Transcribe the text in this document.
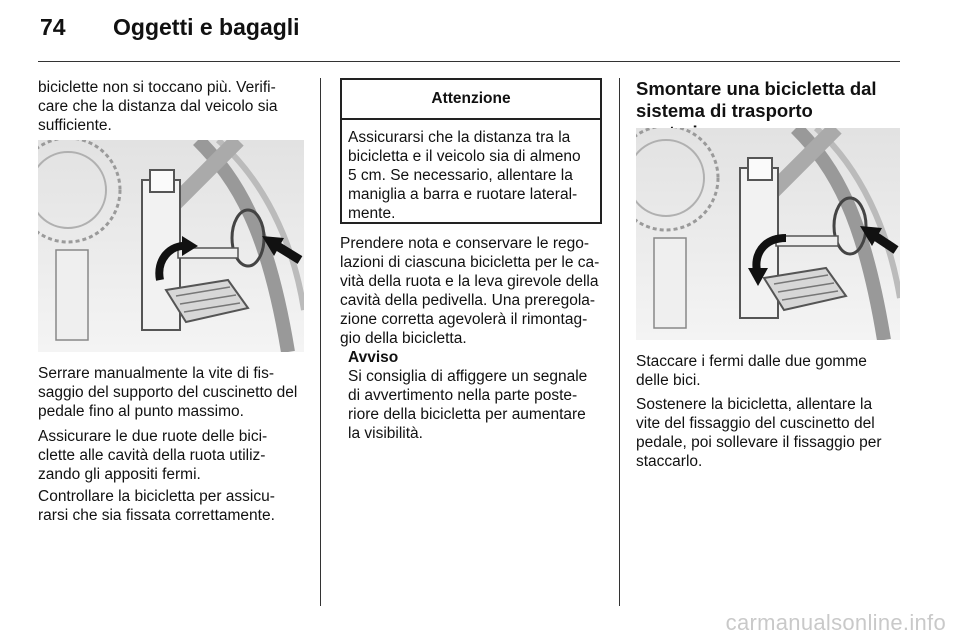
74 Oggetti e bagagli

biciclette non si toccano più. Verifi-
care che la distanza dal veicolo sia
sufficiente.

Serrare manualmente la vite di fis-
saggio del supporto del cuscinetto del
pedale fino al punto massimo.

Assicurare le due ruote delle bici-
clette alle cavità della ruota utiliz-
zando gli appositi fermi.

Controllare la bicicletta per assicu-
rarsi che sia fissata correttamente.

Attenzione
Assicurarsi che la distanza tra la
bicicletta e il veicolo sia di almeno
5 cm. Se necessario, allentare la
maniglia a barra e ruotare lateral-
mente.

Prendere nota e conservare le rego-
lazioni di ciascuna bicicletta per le ca-
vità della ruota e la leva girevole della
cavità della pedivella. Una preregola-
zione corretta agevolerà il rimontag-
gio della bicicletta.

Avviso
Si consiglia di affiggere un segnale
di avvertimento nella parte poste-
riore della bicicletta per aumentare
la visibilità.

Smontare una bicicletta dal
sistema di trasporto

Staccare i fermi dalle due gomme
delle bici.

Sostenere la bicicletta, allentare la
vite del fissaggio del cuscinetto del
pedale, poi sollevare il fissaggio per
staccarlo.

carmanualsonline.info
